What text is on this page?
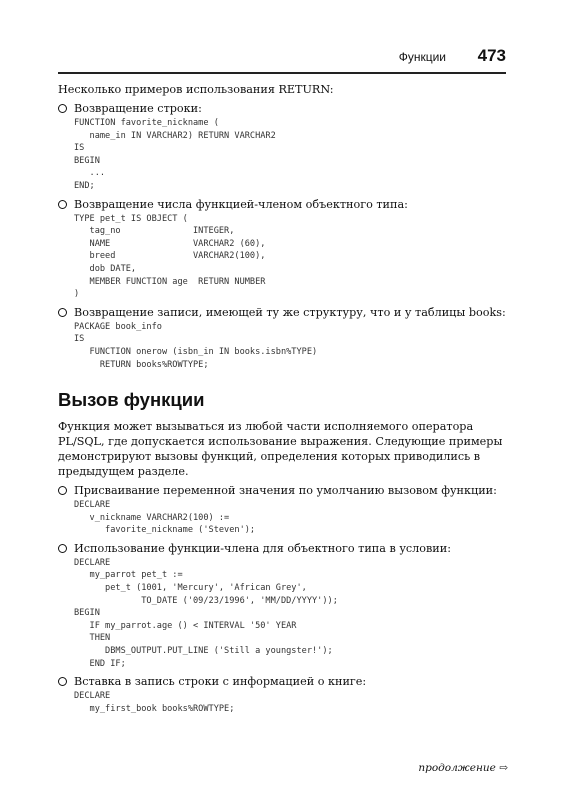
Функции 473

Несколько примеров использования RETURN:

Возвращение строки:
FUNCTION favorite_nickname (
name_in IN VARCHAR2) RETURN VARCHAR2
IS
BEGIN
...
END;
Возвращение числа функцией-членом объектного типа:
TYPE pet_t IS OBJECT (
tag_no              INTEGER,
NAME                VARCHAR2 (60),
breed               VARCHAR2(100),
dob DATE,
MEMBER FUNCTION age  RETURN NUMBER
)
Возвращение записи, имеющей ту же структуру, что и у таблицы books:
PACKAGE book_info
IS
FUNCTION onerow (isbn_in IN books.isbn%TYPE)
RETURN books%ROWTYPE;
Вызов функции

Функция может вызываться из любой части исполняемого оператора PL/SQL, где допускается использование выражения. Следующие примеры демонстрируют вызовы функций, определения которых приводились в предыдущем разделе.

Присваивание переменной значения по умолчанию вызовом функции:
DECLARE
v_nickname VARCHAR2(100) :=
favorite_nickname ('Steven');
Использование функции-члена для объектного типа в условии:
DECLARE
my_parrot pet_t :=
pet_t (1001, 'Mercury', 'African Grey',
TO_DATE ('09/23/1996', 'MM/DD/YYYY'));
BEGIN
IF my_parrot.age () < INTERVAL '50' YEAR
THEN
DBMS_OUTPUT.PUT_LINE ('Still a youngster!');
END IF;
Вставка в запись строки с информацией о книге:
DECLARE
my_first_book books%ROWTYPE;
продолжение ⇨
